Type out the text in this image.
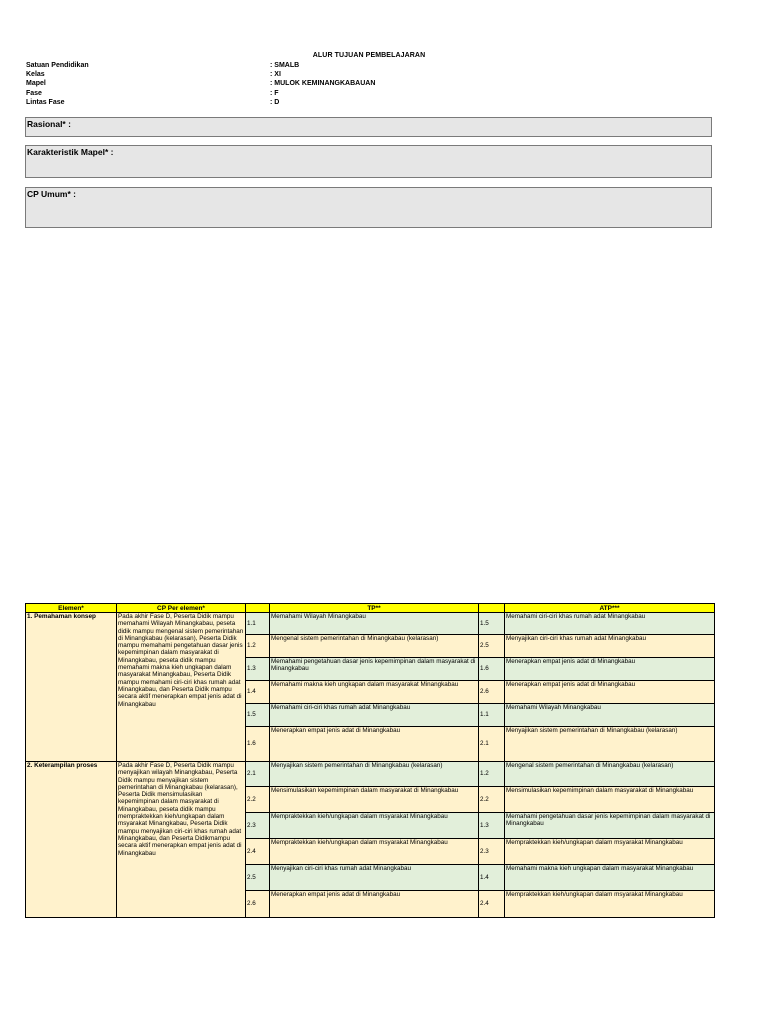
ALUR TUJUAN PEMBELAJARAN
Satuan Pendidikan	: SMALB
Kelas	: XI
Mapel	: MULOK KEMINANGKABAUAN
Fase	: F
Lintas Fase	: D
Rasional* :
Karakteristik Mapel* :
CP Umum* :
Elemen*	CP Per elemen*		TP**		ATP***
1. Pemahaman konsep	Pada akhir Fase D, Peserta Didik mampu memahami Wilayah Minangkabau, peseta didik mampu mengenal sistem pemerintahan di Minangkabau (kelarasan), Peserta Didik mampu memahami pengetahuan dasar jenis kepemimpinan dalam masyarakat di Minangkabau, peseta didik mampu memahami makna kieh ungkapan dalam masyarakat Minangkabau, Peserta Didik mampu memahami ciri-ciri khas rumah adat Minangkabau, dan Peserta Didik mampu secara aktif menerapkan empat jenis adat di Minangkabau	1.1	Memahami Wilayah Minangkabau	1.5	Memahami ciri-ciri khas rumah adat Minangkabau
		1.2	Mengenal sistem pemerintahan di Minangkabau (kelarasan)	2.5	Menyajikan ciri-ciri khas rumah adat Minangkabau
		1.3	Memahami pengetahuan dasar jenis kepemimpinan dalam masyarakat di Minangkabau	1.6	Menerapkan empat jenis adat di Minangkabau
		1.4	Memahami makna kieh ungkapan dalam masyarakat Minangkabau	2.6	Menerapkan empat jenis adat di Minangkabau
		1.5	Memahami ciri-ciri khas rumah adat Minangkabau	1.1	Memahami Wilayah Minangkabau
		1.6	Menerapkan empat jenis adat di Minangkabau	2.1	Menyajikan sistem pemerintahan di Minangkabau (kelarasan)
2. Keterampilan proses	Pada akhir Fase D, Peserta Didik mampu menyajikan wilayah Minangkabau, Peserta Didik mampu menyajikan sistem pemerintahan di Minangkabau (kelarasan), Peserta Didik mensimulasikan kepemimpinan dalam masyarakat di Minangkabau, peseta didik mampu mempraktekkan kieh/ungkapan dalam msyarakat Minangkabau, Peserta Didik mampu menyajikan ciri-ciri khas rumah adat Minangkabau, dan Peserta Didikmampu secara aktif menerapkan empat jenis adat di Minangkabau	2.1	Menyajikan sistem pemerintahan di Minangkabau (kelarasan)	1.2	Mengenal sistem pemerintahan di Minangkabau (kelarasan)
		2.2	Mensimulasikan kepemimpinan dalam masyarakat di Minangkabau	2.2	Mensimulasikan kepemimpinan dalam masyarakat di Minangkabau
		2.3	Mempraktekkan kieh/ungkapan dalam msyarakat Minangkabau	1.3	Memahami pengetahuan dasar jenis kepemimpinan dalam masyarakat di Minangkabau
		2.4	Mempraktekkan kieh/ungkapan dalam msyarakat Minangkabau	2.3	Mempraktekkan kieh/ungkapan dalam msyarakat Minangkabau
		2.5	Menyajikan ciri-ciri khas rumah adat Minangkabau	1.4	Memahami makna kieh ungkapan dalam masyarakat Minangkabau
		2.6	Menerapkan empat jenis adat di Minangkabau	2.4	Mempraktekkan kieh/ungkapan dalam msyarakat Minangkabau
